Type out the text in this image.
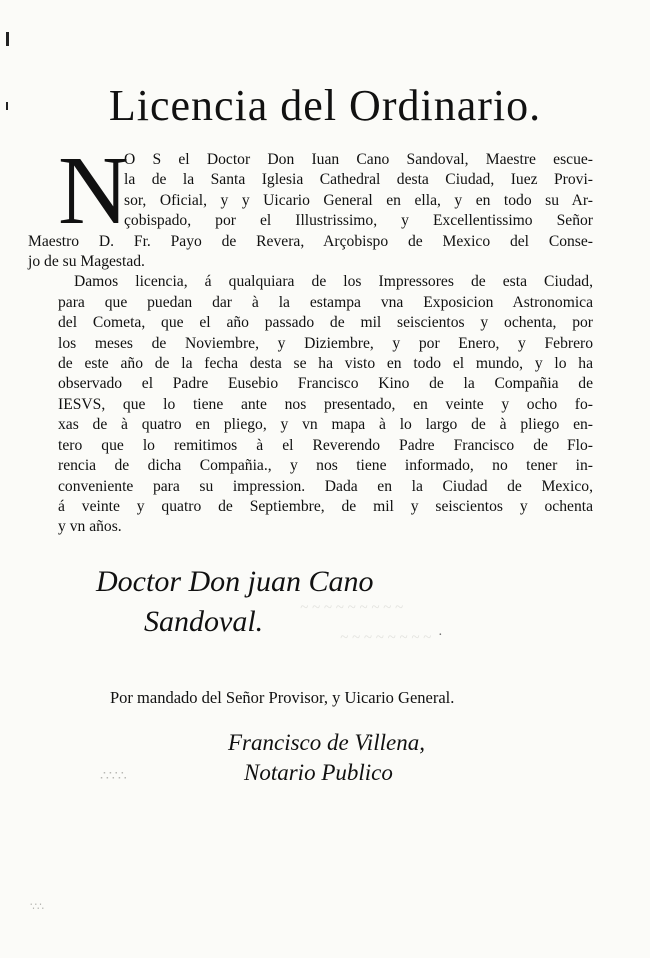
Licencia del Ordinario.
N

O S el Doctor Don Iuan Cano Sandoval, Maestre escue-
la de la Santa Iglesia Cathedral desta Ciudad, Iuez Provi-
sor, Oficial, y y Uicario General en ella, y en todo su Ar-
çobispado, por el Illustrissimo, y Excellentissimo Señor
Maestro D. Fr. Payo de Revera, Arçobispo de Mexico del Conse-
jo de su Magestad.

Damos licencia, á qualquiara de los Impressores de esta Ciudad,
para que puedan dar à la estampa vna Exposicion Astronomica
del Cometa, que el año passado de mil seiscientos y ochenta, por
los meses de Noviembre, y Diziembre, y por Enero, y Febrero
de este año de la fecha desta se ha visto en todo el mundo, y lo ha
observado el Padre Eusebio Francisco Kino de la Compañia de
IESVS, que lo tiene ante nos presentado, en veinte y ocho fo-
xas de à quatro en pliego, y vn mapa à lo largo de à pliego en-
tero que lo remitimos à el Reverendo Padre Francisco de Flo-
rencia de dicha Compañia., y nos tiene informado, no tener in-
conveniente para su impression. Dada en la Ciudad de Mexico,
á veinte y quatro de Septiembre, de mil y seiscientos y ochenta
y vn años.

Doctor Don juan Cano
Sandoval.
Por mandado del Señor Provisor, y Uicario General.
Francisco de Villena,
Notario Publico
∴∵∴
∵∴
·
~ ~ ~ ~ ~ ~ ~ ~ ~
~ ~ ~ ~ ~ ~ ~ ~
